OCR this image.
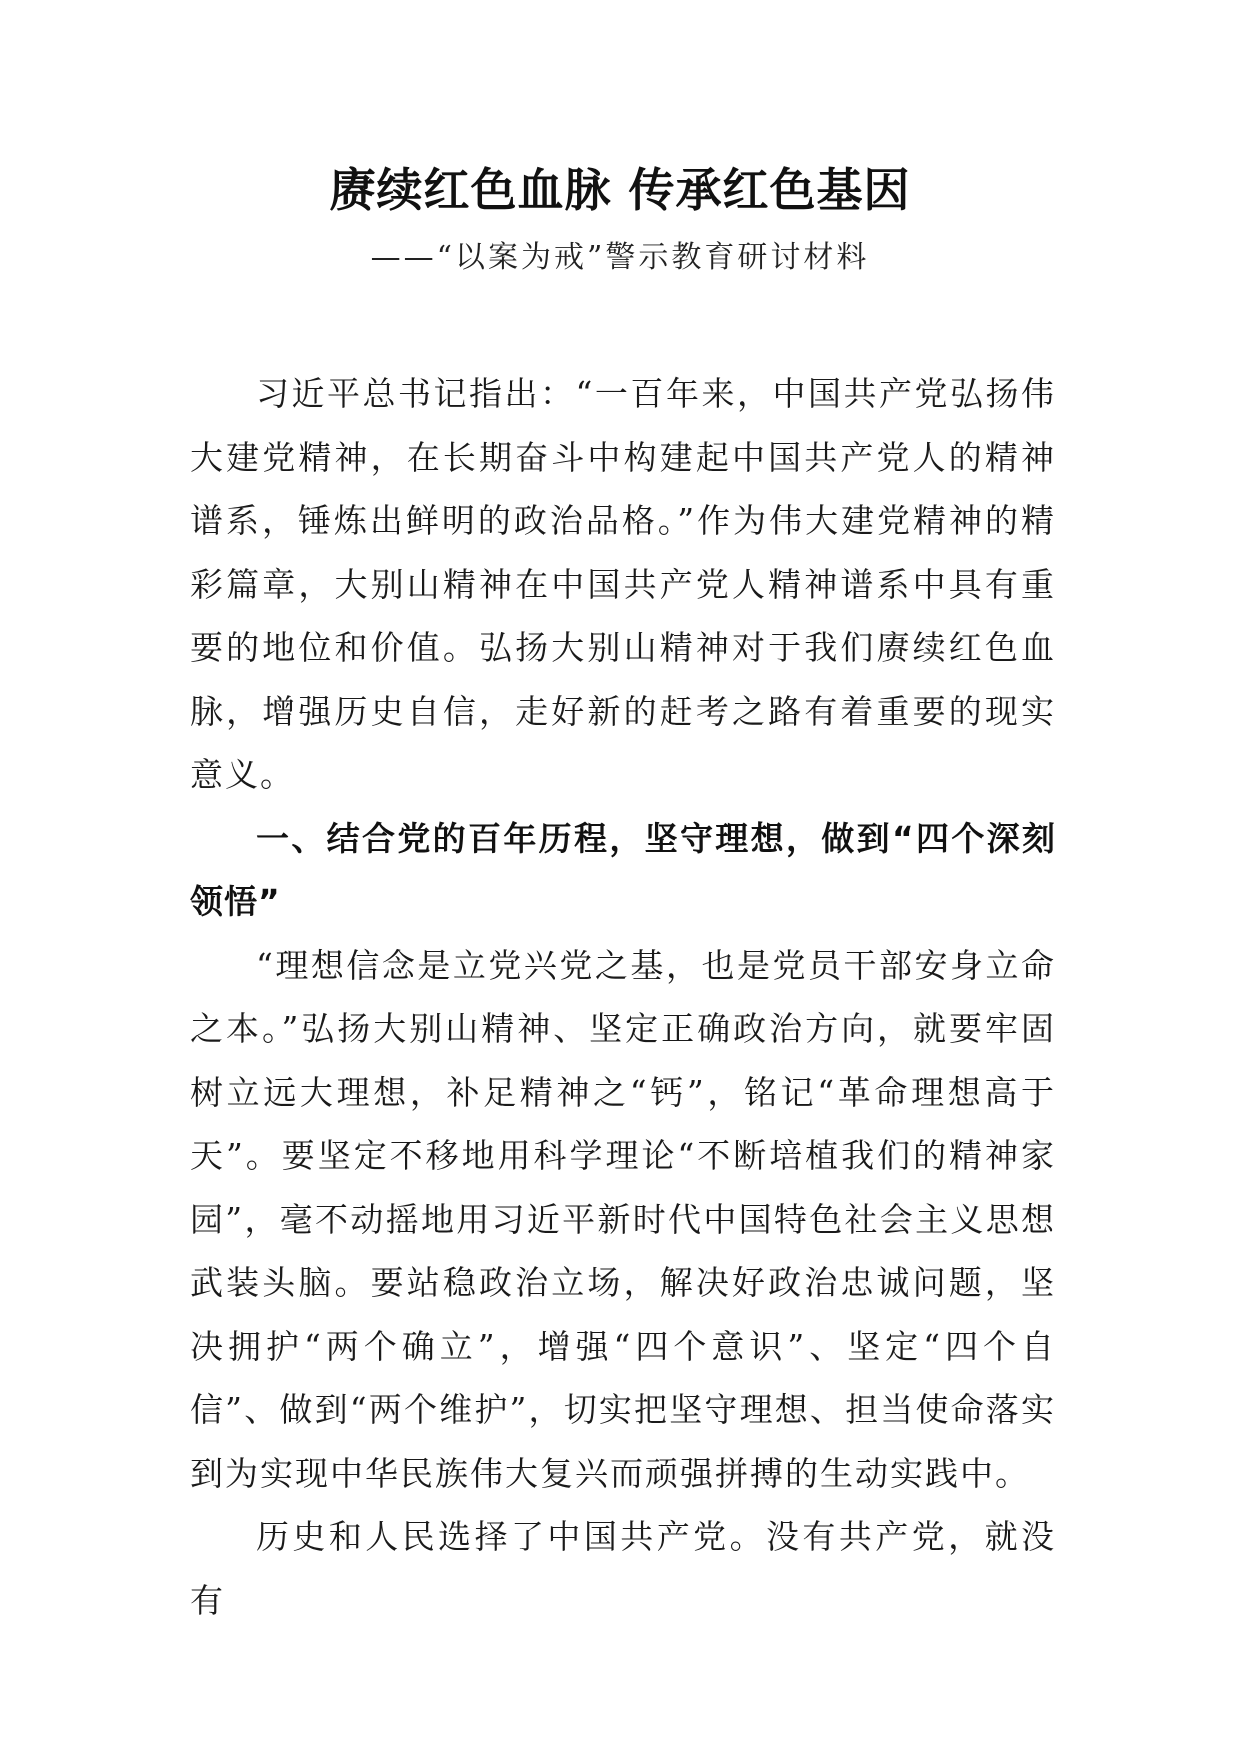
赓续红色血脉 传承红色基因
——“以案为戒”警示教育研讨材料

习近平总书记指出：“一百年来，中国共产党弘扬伟大建党精神，在长期奋斗中构建起中国共产党人的精神谱系，锤炼出鲜明的政治品格。”作为伟大建党精神的精彩篇章，大别山精神在中国共产党人精神谱系中具有重要的地位和价值。弘扬大别山精神对于我们赓续红色血脉，增强历史自信，走好新的赶考之路有着重要的现实意义。

一、结合党的百年历程，坚守理想，做到“四个深刻领悟”

“理想信念是立党兴党之基，也是党员干部安身立命之本。”弘扬大别山精神、坚定正确政治方向，就要牢固树立远大理想，补足精神之“钙”，铭记“革命理想高于天”。要坚定不移地用科学理论“不断培植我们的精神家园”，毫不动摇地用习近平新时代中国特色社会主义思想武装头脑。要站稳政治立场，解决好政治忠诚问题，坚决拥护“两个确立”，增强“四个意识”、坚定“四个自信”、做到“两个维护”，切实把坚守理想、担当使命落实到为实现中华民族伟大复兴而顽强拼搏的生动实践中。

历史和人民选择了中国共产党。没有共产党，就没有
